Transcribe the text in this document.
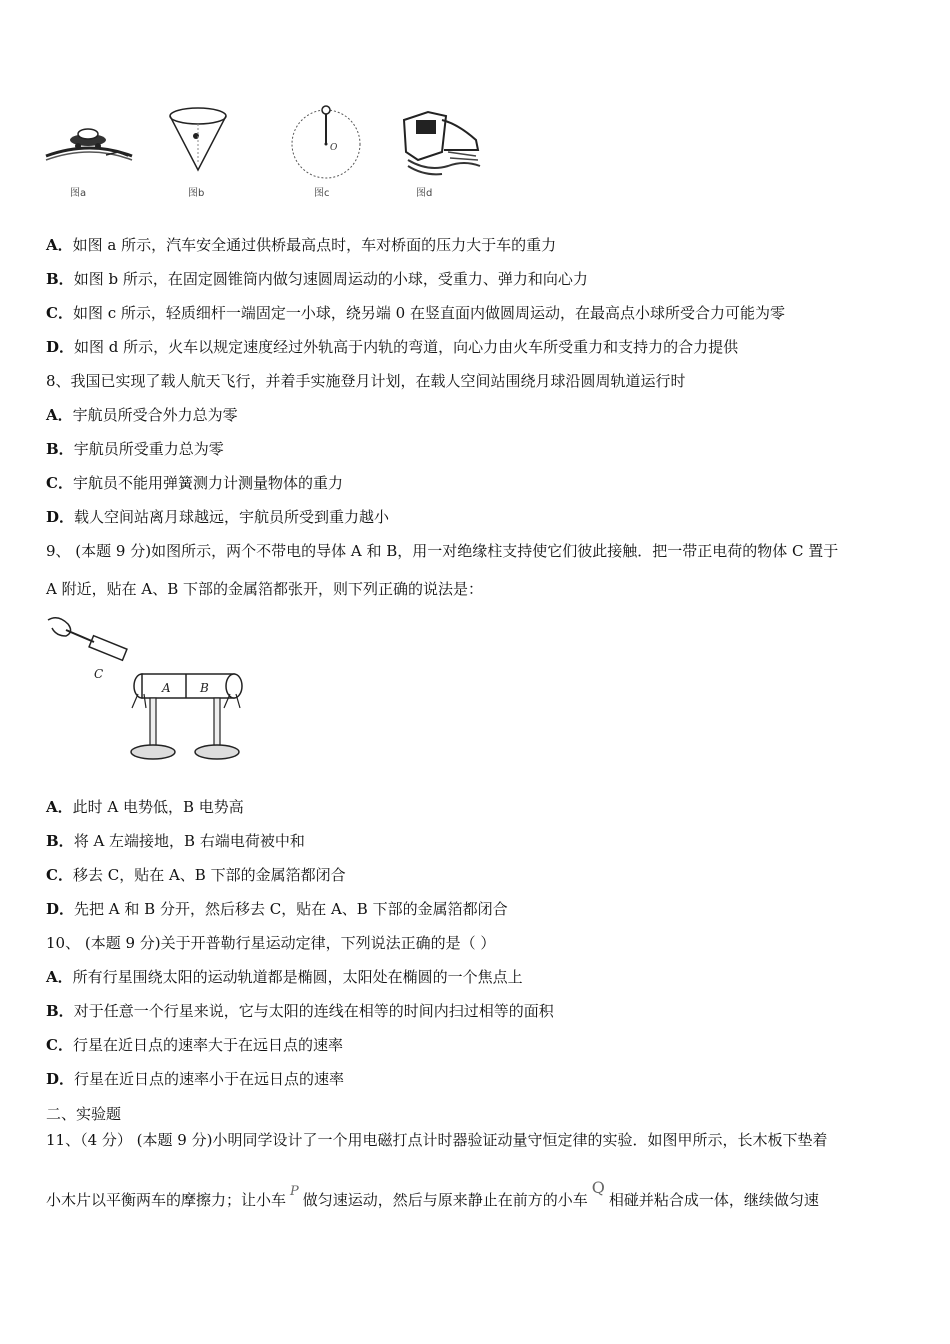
图a	图b
O
图c	图d
A．如图 a 所示，汽车安全通过供桥最高点时，车对桥面的压力大于车的重力
B．如图 b 所示，在固定圆锥筒内做匀速圆周运动的小球，受重力、弹力和向心力
C．如图 c 所示，轻质细杆一端固定一小球，绕另端 0 在竖直面内做圆周运动，在最高点小球所受合力可能为零
D．如图 d 所示，火车以规定速度经过外轨高于内轨的弯道，向心力由火车所受重力和支持力的合力提供
8、我国已实现了载人航天飞行，并着手实施登月计划，在载人空间站围绕月球沿圆周轨道运行时
A．宇航员所受合外力总为零
B．宇航员所受重力总为零
C．宇航员不能用弹簧测力计测量物体的重力
D．载人空间站离月球越远，宇航员所受到重力越小
9、 (本题 9 分)如图所示，两个不带电的导体 A 和 B，用一对绝缘柱支持使它们彼此接触．把一带正电荷的物体 C 置于
A 附近，贴在 A、B 下部的金属箔都张开，则下列正确的说法是：
C
A B
A．此时 A 电势低，B 电势高
B．将 A 左端接地，B 右端电荷被中和
C．移去 C，贴在 A、B 下部的金属箔都闭合
D．先把 A 和 B 分开，然后移去 C，贴在 A、B 下部的金属箔都闭合
10、 (本题 9 分)关于开普勒行星运动定律，下列说法正确的是（ ）
A．所有行星围绕太阳的运动轨道都是椭圆，太阳处在椭圆的一个焦点上
B．对于任意一个行星来说，它与太阳的连线在相等的时间内扫过相等的面积
C．行星在近日点的速率大于在远日点的速率
D．行星在近日点的速率小于在远日点的速率
二、实验题
11、（4 分） (本题 9 分)小明同学设计了一个用电磁打点计时器验证动量守恒定律的实验．如图甲所示，长木板下垫着
小木片以平衡两车的摩擦力；让小车 P 做匀速运动，然后与原来静止在前方的小车Q相碰并粘合成一体，继续做匀速
